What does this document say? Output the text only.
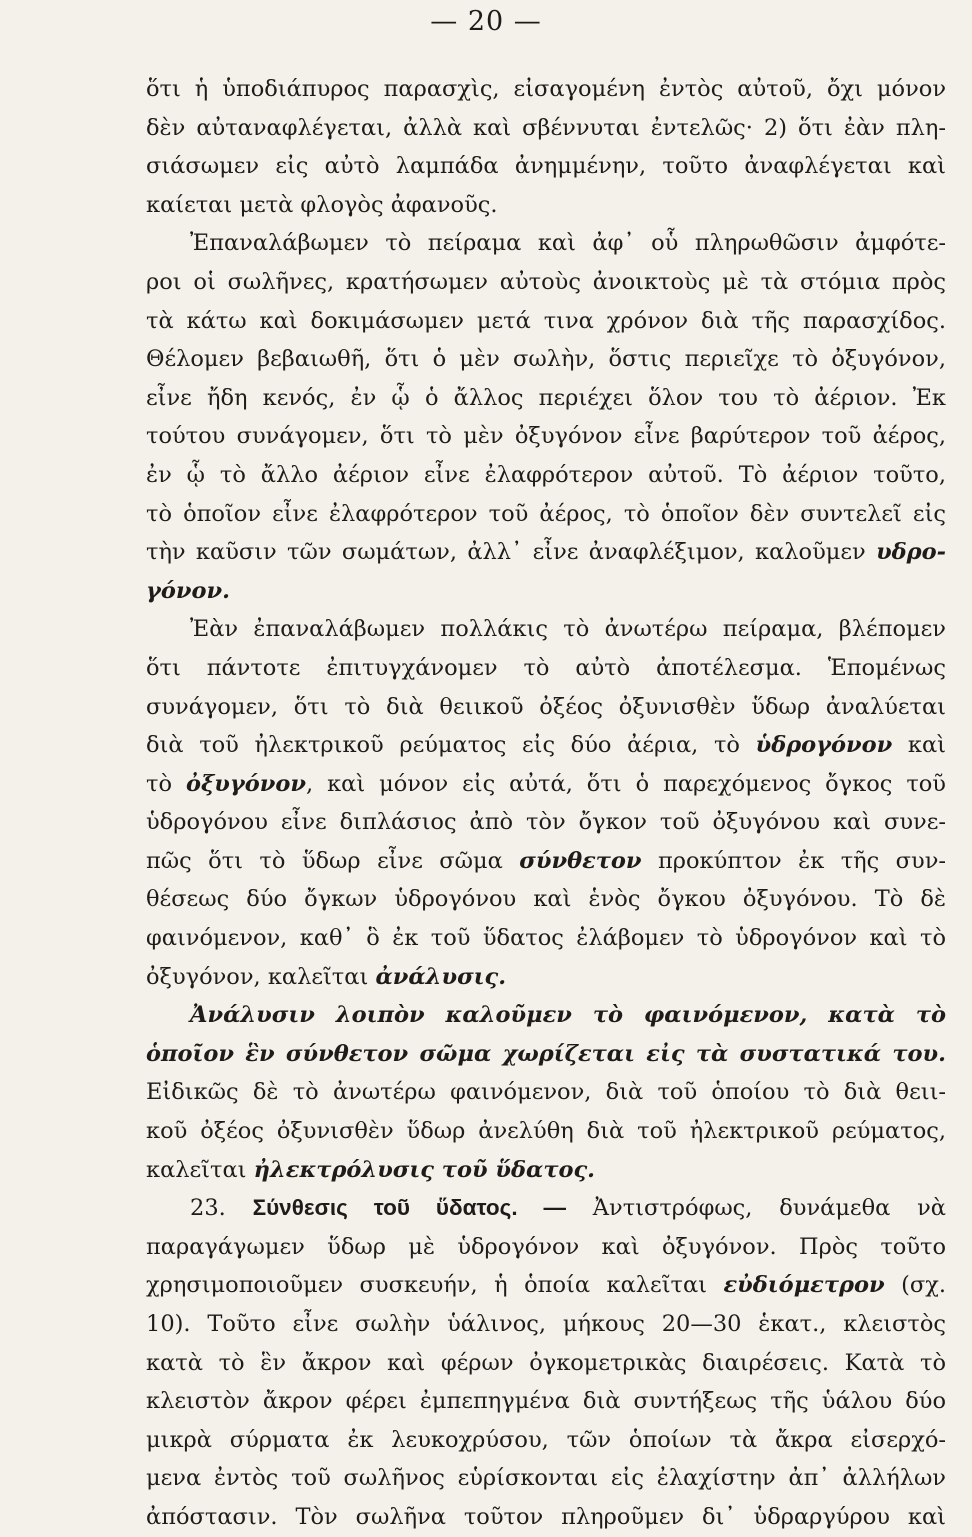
— 20 —
ὅτι ἡ ὑποδιάπυρος παρασχὶς, εἰσαγομένη ἐντὸς αὐτοῦ, ὄχι μόνον
δὲν αὐταναφλέγεται, ἀλλὰ καὶ σβέννυται ἐντελῶς· 2) ὅτι ἐὰν πλη-
σιάσωμεν εἰς αὐτὸ λαμπάδα ἀνημμένην, τοῦτο ἀναφλέγεται καὶ
καίεται μετὰ φλογὸς ἀφανοῦς.
Ἐπαναλάβωμεν τὸ πείραμα καὶ ἀφ᾽ οὗ πληρωθῶσιν ἀμφότε-
ροι οἱ σωλῆνες, κρατήσωμεν αὐτοὺς ἀνοικτοὺς μὲ τὰ στόμια πρὸς
τὰ κάτω καὶ δοκιμάσωμεν μετά τινα χρόνον διὰ τῆς παρασχίδος.
Θέλομεν βεβαιωθῆ, ὅτι ὁ μὲν σωλὴν, ὅστις περιεῖχε τὸ ὀξυγόνον,
εἶνε ἤδη κενός, ἐν ᾧ ὁ ἄλλος περιέχει ὅλον του τὸ ἀέριον. Ἐκ
τούτου συνάγομεν, ὅτι τὸ μὲν ὀξυγόνον εἶνε βαρύτερον τοῦ ἀέρος,
ἐν ᾧ τὸ ἄλλο ἀέριον εἶνε ἐλαφρότερον αὐτοῦ. Τὸ ἀέριον τοῦτο,
τὸ ὁποῖον εἶνε ἐλαφρότερον τοῦ ἀέρος, τὸ ὁποῖον δὲν συντελεῖ εἰς
τὴν καῦσιν τῶν σωμάτων, ἀλλ᾽ εἶνε ἀναφλέξιμον, καλοῦμεν υδρο-
γόνον.
Ἐὰν ἐπαναλάβωμεν πολλάκις τὸ ἀνωτέρω πείραμα, βλέπομεν
ὅτι πάντοτε ἐπιτυγχάνομεν τὸ αὐτὸ ἀποτέλεσμα. Ἑπομένως
συνάγομεν, ὅτι τὸ διὰ θειικοῦ ὀξέος ὀξυνισθὲν ὕδωρ ἀναλύεται
διὰ τοῦ ἠλεκτρικοῦ ρεύματος εἰς δύο ἀέρια, τὸ ὑδρογόνον καὶ
τὸ ὀξυγόνον, καὶ μόνον εἰς αὐτά, ὅτι ὁ παρεχόμενος ὄγκος τοῦ
ὑδρογόνου εἶνε διπλάσιος ἀπὸ τὸν ὄγκον τοῦ ὀξυγόνου καὶ συνε-
πῶς ὅτι τὸ ὕδωρ εἶνε σῶμα σύνθετον προκύπτον ἐκ τῆς συν-
θέσεως δύο ὄγκων ὑδρογόνου καὶ ἑνὸς ὄγκου ὀξυγόνου. Τὸ δὲ
φαινόμενον, καθ᾽ ὃ ἐκ τοῦ ὕδατος ἐλάβομεν τὸ ὑδρογόνον καὶ τὸ
ὀξυγόνον, καλεῖται ἀνάλυσις.
Ἀνάλυσιν λοιπὸν καλοῦμεν τὸ φαινόμενον, κατὰ τὸ
ὁποῖον ἓν σύνθετον σῶμα χωρίζεται εἰς τὰ συστατικά του.
Εἰδικῶς δὲ τὸ ἀνωτέρω φαινόμενον, διὰ τοῦ ὁποίου τὸ διὰ θειι-
κοῦ ὀξέος ὀξυνισθὲν ὕδωρ ἀνελύθη διὰ τοῦ ἠλεκτρικοῦ ρεύματος,
καλεῖται ἠλεκτρόλυσις τοῦ ὕδατος.
23. Σύνθεσις τοῦ ὕδατος. — Ἀντιστρόφως, δυνάμεθα νὰ
παραγάγωμεν ὕδωρ μὲ ὑδρογόνον καὶ ὀξυγόνον. Πρὸς τοῦτο
χρησιμοποιοῦμεν συσκευήν, ἡ ὁποία καλεῖται εὐδιόμετρον (σχ.
10). Τοῦτο εἶνε σωλὴν ὑάλινος, μήκους 20—30 ἑκατ., κλειστὸς
κατὰ τὸ ἓν ἄκρον καὶ φέρων ὀγκομετρικὰς διαιρέσεις. Κατὰ τὸ
κλειστὸν ἄκρον φέρει ἐμπεπηγμένα διὰ συντήξεως τῆς ὑάλου δύο
μικρὰ σύρματα ἐκ λευκοχρύσου, τῶν ὁποίων τὰ ἄκρα εἰσερχό-
μενα ἐντὸς τοῦ σωλῆνος εὑρίσκονται εἰς ἐλαχίστην ἀπ᾽ ἀλλήλων
ἀπόστασιν. Τὸν σωλῆνα τοῦτον πληροῦμεν δι᾽ ὑδραργύρου καὶ
